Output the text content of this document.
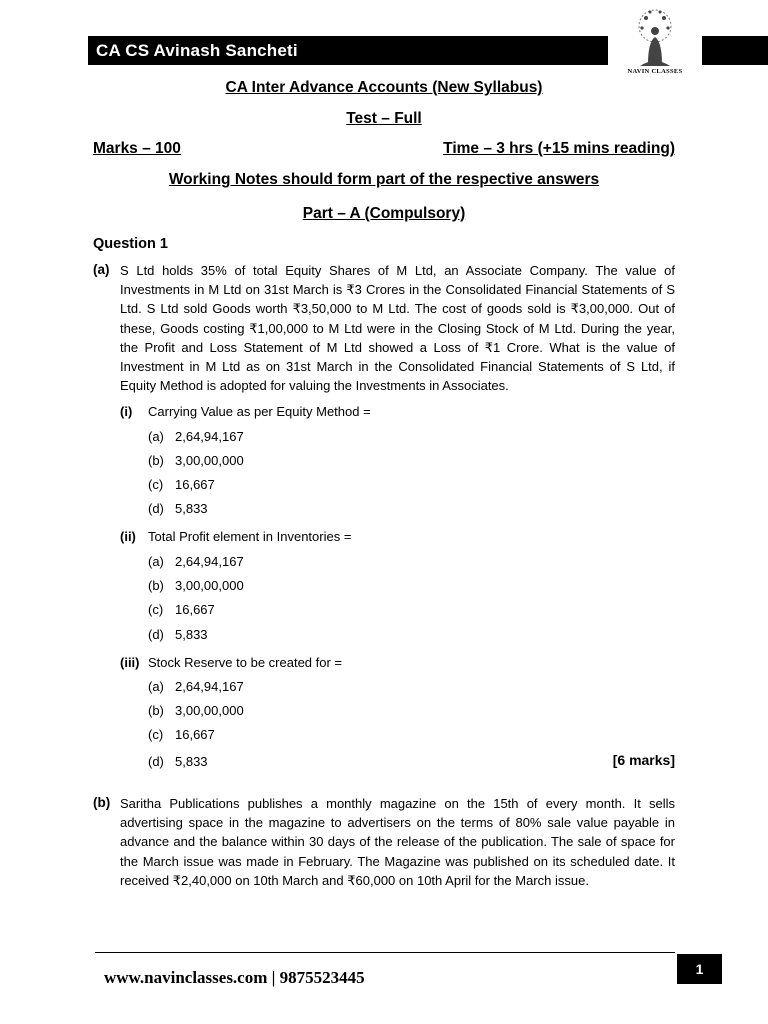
CA CS Avinash Sancheti
NAVIN CLASSES
CA Inter Advance Accounts (New Syllabus)
Test – Full
Marks – 100	Time – 3 hrs (+15 mins reading)
Working Notes should form part of the respective answers
Part – A (Compulsory)
Question 1
(a) S Ltd holds 35% of total Equity Shares of M Ltd, an Associate Company. The value of Investments in M Ltd on 31st March is ₹3 Crores in the Consolidated Financial Statements of S Ltd. S Ltd sold Goods worth ₹3,50,000 to M Ltd. The cost of goods sold is ₹3,00,000. Out of these, Goods costing ₹1,00,000 to M Ltd were in the Closing Stock of M Ltd. During the year, the Profit and Loss Statement of M Ltd showed a Loss of ₹1 Crore. What is the value of Investment in M Ltd as on 31st March in the Consolidated Financial Statements of S Ltd, if Equity Method is adopted for valuing the Investments in Associates.

(i) Carrying Value as per Equity Method =
(a) 2,64,94,167
(b) 3,00,00,000
(c) 16,667
(d) 5,833
(ii) Total Profit element in Inventories =
(a) 2,64,94,167
(b) 3,00,00,000
(c) 16,667
(d) 5,833
(iii) Stock Reserve to be created for =
(a) 2,64,94,167
(b) 3,00,00,000
(c) 16,667
(d) 5,833	[6 marks]
(b) Saritha Publications publishes a monthly magazine on the 15th of every month. It sells advertising space in the magazine to advertisers on the terms of 80% sale value payable in advance and the balance within 30 days of the release of the publication. The sale of space for the March issue was made in February. The Magazine was published on its scheduled date. It received ₹2,40,000 on 10th March and ₹60,000 on 10th April for the March issue.

www.navinclasses.com | 9875523445	1
